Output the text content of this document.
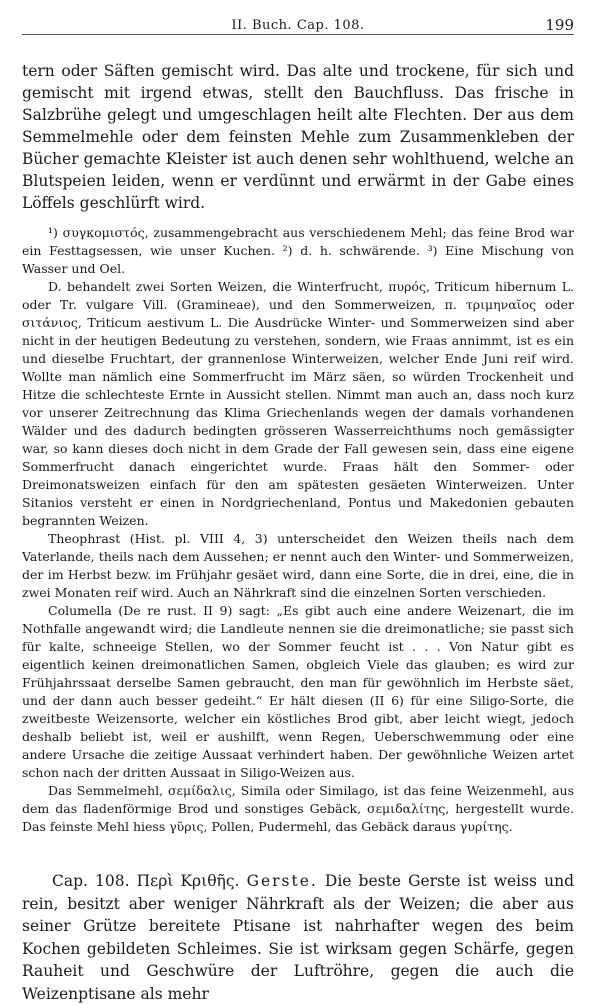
II. Buch. Cap. 108.	199

tern oder Säften gemischt wird. Das alte und trockene, für sich und gemischt mit irgend etwas, stellt den Bauchfluss. Das frische in Salzbrühe gelegt und umgeschlagen heilt alte Flechten. Der aus dem Semmelmehle oder dem feinsten Mehle zum Zusammenkleben der Bücher gemachte Kleister ist auch denen sehr wohlthuend, welche an Blutspeien leiden, wenn er verdünnt und erwärmt in der Gabe eines Löffels geschlürft wird.

¹) συγκομιστός, zusammengebracht aus verschiedenem Mehl; das feine Brod war ein Festtagsessen, wie unser Kuchen. ²) d. h. schwärende. ³) Eine Mischung von Wasser und Oel.

D. behandelt zwei Sorten Weizen, die Winterfrucht, πυρός, Triticum hibernum L. oder Tr. vulgare Vill. (Gramineae), und den Sommerweizen, π. τριμηναῖος oder σιτάνιος, Triticum aestivum L. Die Ausdrücke Winter- und Sommerweizen sind aber nicht in der heutigen Bedeutung zu verstehen, sondern, wie Fraas annimmt, ist es ein und dieselbe Fruchtart, der grannenlose Winterweizen, welcher Ende Juni reif wird. Wollte man nämlich eine Sommerfrucht im März säen, so würden Trockenheit und Hitze die schlechteste Ernte in Aussicht stellen. Nimmt man auch an, dass noch kurz vor unserer Zeitrechnung das Klima Griechenlands wegen der damals vorhandenen Wälder und des dadurch bedingten grösseren Wasserreichthums noch gemässigter war, so kann dieses doch nicht in dem Grade der Fall gewesen sein, dass eine eigene Sommerfrucht danach eingerichtet wurde. Fraas hält den Sommer- oder Dreimonatsweizen einfach für den am spätesten gesäeten Winterweizen. Unter Sitanios versteht er einen in Nordgriechenland, Pontus und Makedonien gebauten begrannten Weizen.

Theophrast (Hist. pl. VIII 4, 3) unterscheidet den Weizen theils nach dem Vaterlande, theils nach dem Aussehen; er nennt auch den Winter- und Sommerweizen, der im Herbst bezw. im Frühjahr gesäet wird, dann eine Sorte, die in drei, eine, die in zwei Monaten reif wird. Auch an Nährkraft sind die einzelnen Sorten verschieden.

Columella (De re rust. II 9) sagt: „Es gibt auch eine andere Weizenart, die im Nothfalle angewandt wird; die Landleute nennen sie die dreimonatliche; sie passt sich für kalte, schneeige Stellen, wo der Sommer feucht ist . . . Von Natur gibt es eigentlich keinen dreimonatlichen Samen, obgleich Viele das glauben; es wird zur Frühjahrssaat derselbe Samen gebraucht, den man für gewöhnlich im Herbste säet, und der dann auch besser gedeiht.“ Er hält diesen (II 6) für eine Siligo-Sorte, die zweitbeste Weizensorte, welcher ein köstliches Brod gibt, aber leicht wiegt, jedoch deshalb beliebt ist, weil er aushilft, wenn Regen, Ueberschwemmung oder eine andere Ursache die zeitige Aussaat verhindert haben. Der gewöhnliche Weizen artet schon nach der dritten Aussaat in Siligo-Weizen aus.

Das Semmelmehl, σεμίδαλις, Simila oder Similago, ist das feine Weizenmehl, aus dem das fladenförmige Brod und sonstiges Gebäck, σεμιδαλίτης, hergestellt wurde. Das feinste Mehl hiess γῦρις, Pollen, Pudermehl, das Gebäck daraus γυρίτης.

Cap. 108. Περὶ Κριθῆς. Gerste. Die beste Gerste ist weiss und rein, besitzt aber weniger Nährkraft als der Weizen; die aber aus seiner Grütze bereitete Ptisane ist nahrhafter wegen des beim Kochen gebildeten Schleimes. Sie ist wirksam gegen Schärfe, gegen Rauheit und Geschwüre der Luftröhre, gegen die auch die Weizenptisane als mehr
